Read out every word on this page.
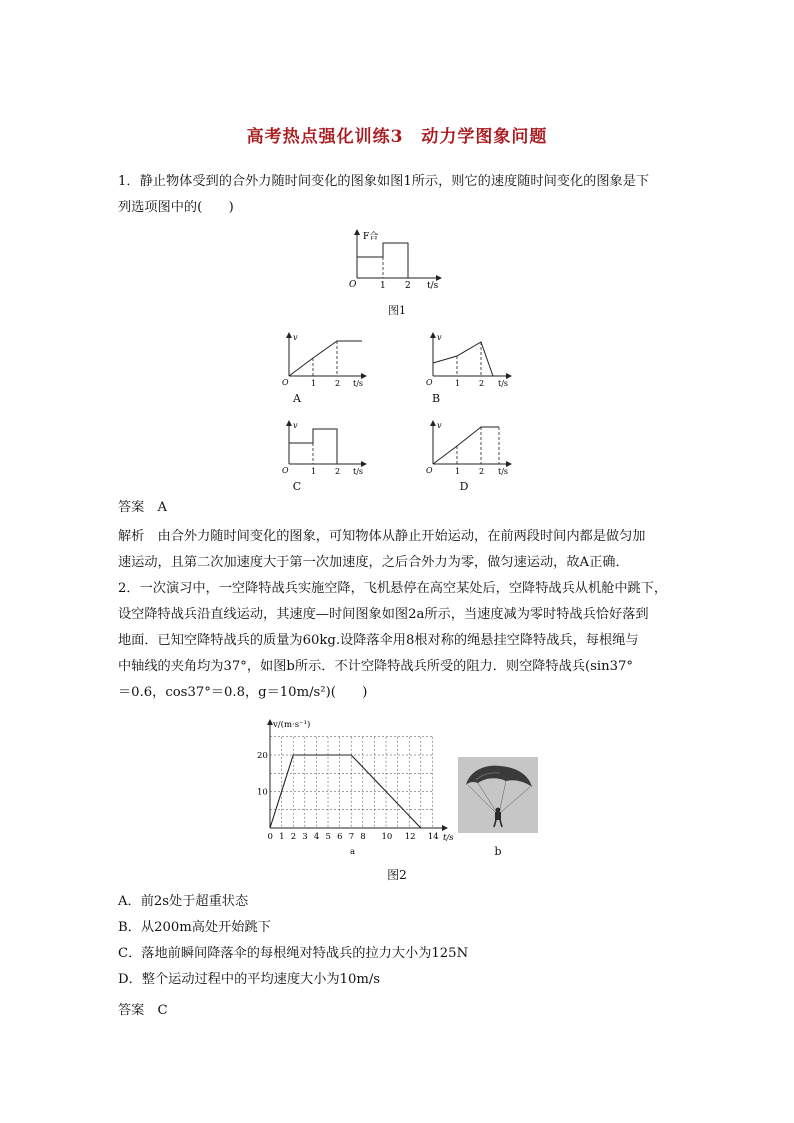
高考热点强化训练3　动力学图象问题
1．静止物体受到的合外力随时间变化的图象如图1所示，则它的速度随时间变化的图象是下
列选项图中的(　　)
F合
O	1 2 t/s
图1
v
O	1 2 t/s
A
v
O	1 2 t/s
B
v
O	1 2 t/s
C
v
O	1 2 t/s
D
答案　A
解析　由合外力随时间变化的图象，可知物体从静止开始运动，在前两段时间内都是做匀加
速运动，且第二次加速度大于第一次加速度，之后合外力为零，做匀速运动，故A正确．
2．一次演习中，一空降特战兵实施空降，飞机悬停在高空某处后，空降特战兵从机舱中跳下，
设空降特战兵沿直线运动，其速度—时间图象如图2a所示，当速度减为零时特战兵恰好落到
地面．已知空降特战兵的质量为60kg.设降落伞用8根对称的绳悬挂空降特战兵，每根绳与
中轴线的夹角均为37°，如图b所示．不计空降特战兵所受的阻力．则空降特战兵(sin37°
＝0.6，cos37°＝0.8，g＝10m/s²)(　　)
0 1 2 3 4 5 6 7 8 10 12 14
10
20
v/(m·s⁻¹)
t/s
a	b
图2
A．前2s处于超重状态
B．从200m高处开始跳下
C．落地前瞬间降落伞的每根绳对特战兵的拉力大小为125N
D．整个运动过程中的平均速度大小为10m/s
答案　C
